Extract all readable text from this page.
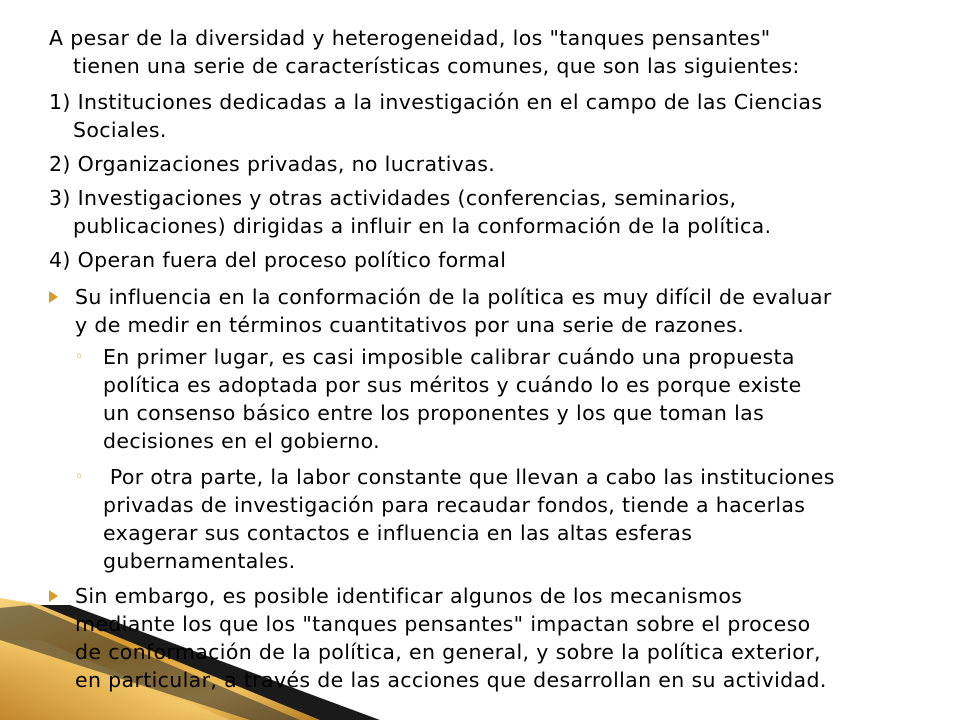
A pesar de la diversidad y heterogeneidad, los "tanques pensantes"
tienen una serie de características comunes, que son las siguientes:
1) Instituciones dedicadas a la investigación en el campo de las Ciencias
Sociales.
2) Organizaciones privadas, no lucrativas.
3) Investigaciones y otras actividades (conferencias, seminarios,
publicaciones) dirigidas a influir en la conformación de la política.
4) Operan fuera del proceso político formal
Su influencia en la conformación de la política es muy difícil de evaluar
y de medir en términos cuantitativos por una serie de razones.
◦ En primer lugar, es casi imposible calibrar cuándo una propuesta
política es adoptada por sus méritos y cuándo lo es porque existe
un consenso básico entre los proponentes y los que toman las
decisiones en el gobierno.
◦ Por otra parte, la labor constante que llevan a cabo las instituciones
privadas de investigación para recaudar fondos, tiende a hacerlas
exagerar sus contactos e influencia en las altas esferas
gubernamentales.
Sin embargo, es posible identificar algunos de los mecanismos
mediante los que los "tanques pensantes" impactan sobre el proceso
de conformación de la política, en general, y sobre la política exterior,
en particular, a través de las acciones que desarrollan en su actividad.
